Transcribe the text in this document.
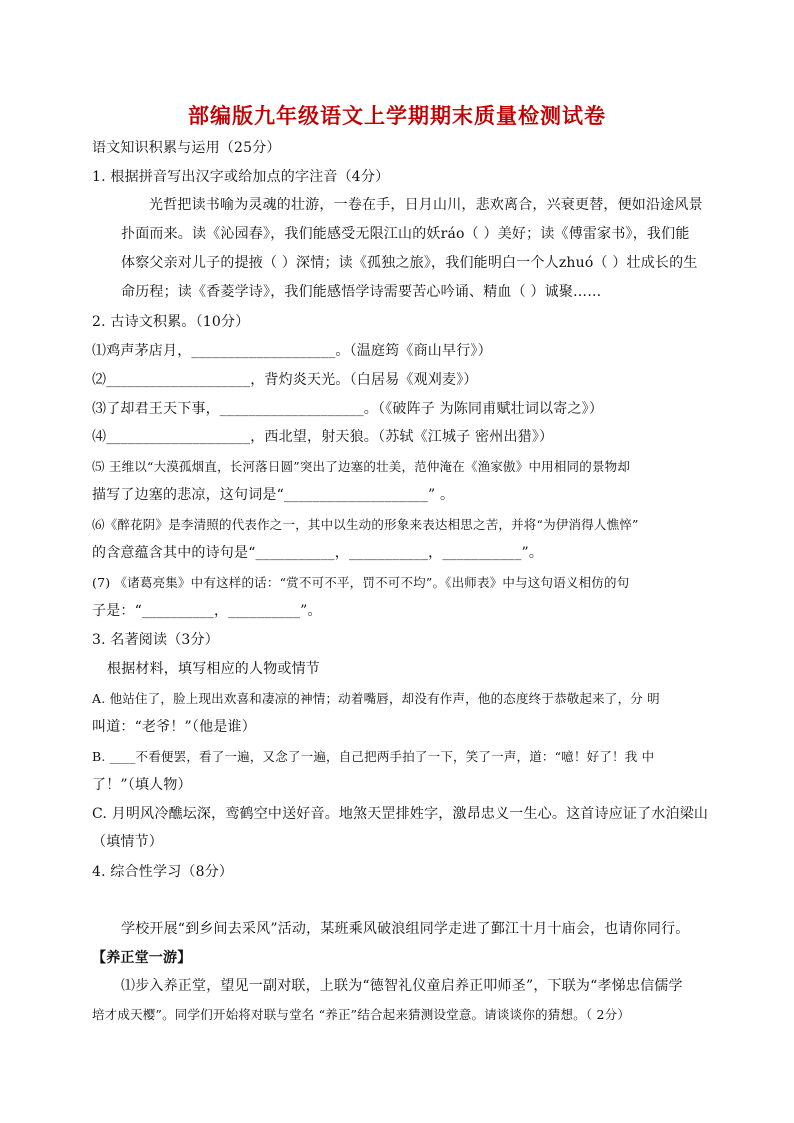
部编版九年级语文上学期期末质量检测试卷
语文知识积累与运用（25分）
1. 根据拼音写出汉字或给加点的字注音（4分）
光哲把读书喻为灵魂的壮游，一卷在手，日月山川，悲欢离合，兴衰更替，便如沿途风景
扑面而来。读《沁园春》，我们能感受无限江山的妖ráo（ ）美好；读《傅雷家书》，我们能
体察父亲对儿子的提掖（ ）深情；读《孤独之旅》，我们能明白一个人zhuó（ ）壮成长的生
命历程；读《香菱学诗》，我们能感悟学诗需要苦心吟诵、精血（ ）诚聚……
2. 古诗文积累。（10分）
⑴鸡声茅店月，____________________。（温庭筠《商山早行》）
⑵____________________，背灼炎天光。（白居易《观刈麦》）
⑶了却君王天下事，____________________。（《破阵子 为陈同甫赋壮词以寄之》）
⑷____________________，西北望，射天狼。（苏轼《江城子 密州出猎》）
⑸ 王维以“大漠孤烟直，长河落日圆”突出了边塞的壮美，范仲淹在《渔家傲》中用相同的景物却
描写了边塞的悲凉，这句词是“____________________” 。
⑹《醉花阴》是李清照的代表作之一，其中以生动的形象来表达相思之苦，并将“为伊消得人憔悴”
的含意蕴含其中的诗句是“___________，___________，___________”。
(7) 《诸葛亮集》中有这样的话：“赏不可不平，罚不可不均”。《出师表》中与这句语义相仿的句
子是：“__________，__________”。
3. 名著阅读（3分）
根据材料，填写相应的人物或情节
A. 他站住了，脸上现出欢喜和凄凉的神情；动着嘴唇，却没有作声，他的态度终于恭敬起来了，分 明
叫道：“老爷！”（他是谁）
B. ____不看便罢，看了一遍，又念了一遍，自己把两手拍了一下，笑了一声，道：“噫！好了！我 中
了！”（填人物）
C. 月明风冷醮坛深，鸾鹤空中送好音。地煞天罡排姓字，激昂忠义一生心。这首诗应证了水泊梁山
（填情节）
4. 综合性学习（8分）
学校开展“到乡间去采风”活动，某班乘风破浪组同学走进了鄞江十月十庙会，也请你同行。
【养正堂一游】
⑴步入养正堂，望见一副对联，上联为“德智礼仪童启养正叩师圣”，下联为“孝悌忠信儒学
培才成天樱”。同学们开始将对联与堂名 “养正”结合起来猜测设堂意。请谈谈你的猜想。（ 2分）
